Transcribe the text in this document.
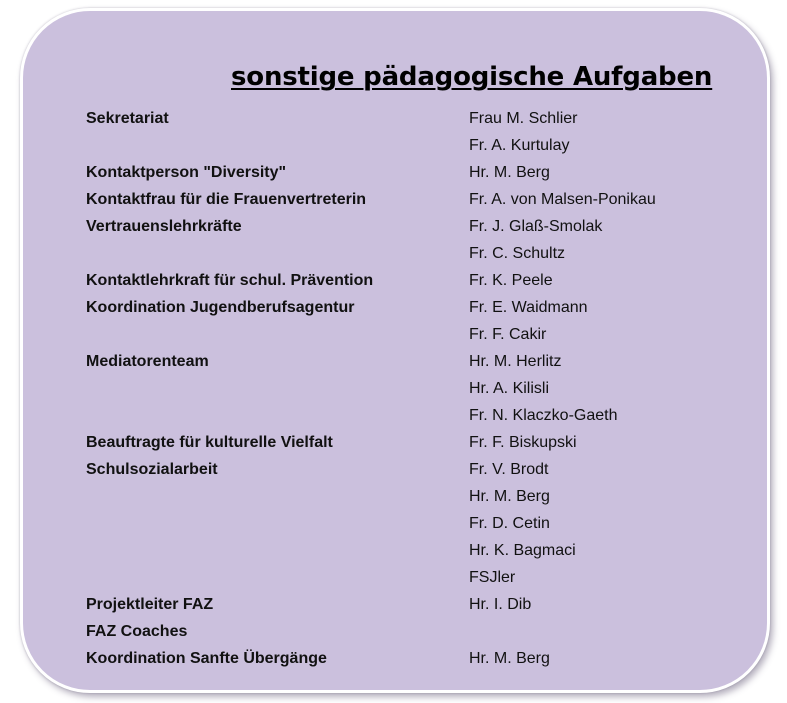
sonstige pädagogische Aufgaben
Sekretariat	Frau M. Schlier
Fr. A. Kurtulay
Kontaktperson "Diversity"	Hr. M. Berg
Kontaktfrau für die Frauenvertreterin	Fr. A. von Malsen-Ponikau
Vertrauenslehrkräfte	Fr. J. Glaß-Smolak
Fr. C. Schultz
Kontaktlehrkraft für schul. Prävention	Fr. K. Peele
Koordination Jugendberufsagentur	Fr. E. Waidmann
Fr. F. Cakir
Mediatorenteam	Hr. M. Herlitz
Hr. A. Kilisli
Fr. N. Klaczko-Gaeth
Beauftragte für kulturelle Vielfalt	Fr. F. Biskupski
Schulsozialarbeit	Fr. V. Brodt
Hr. M. Berg
Fr. D. Cetin
Hr. K. Bagmaci
FSJler
Projektleiter FAZ	Hr. I. Dib
FAZ Coaches
Koordination Sanfte Übergänge	Hr. M. Berg
